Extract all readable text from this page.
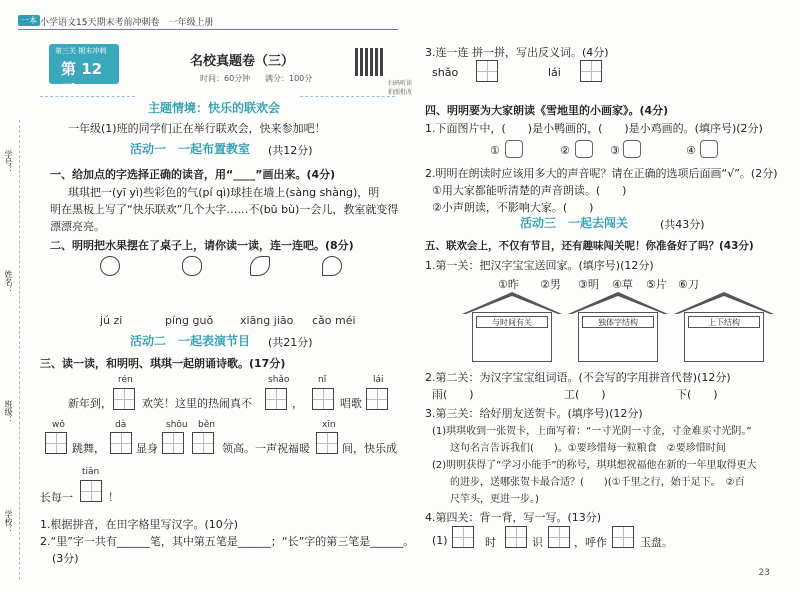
一本 小学语文15天期末考前冲刺卷　一年级上册
学号：
姓名：
班级：
学校：
第三关 期末冲刺
第 12 天
名校真题卷（三）
时间：60分钟 满分：100分
扫码听读
拍照批改
主题情境：快乐的联欢会
一年级(1)班的同学们正在举行联欢会，快来参加吧！
活动一　一起布置教室 (共12分)
一、给加点的字选择正确的读音，用“____”画出来。(4分)
琪琪把一(yī yì)些彩色的气(pí qì)球挂在墙上(sàng shàng)，明
明在黑板上写了“快乐联欢”几个大字……不(bū bù)一会儿，教室就变得
漂漂亮亮。
二、明明把水果摆在了桌子上，请你读一读，连一连吧。(8分)
jú zi	píng guǒ xiāng jiāo cǎo méi
活动二　一起表演节目 (共21分)
三、读一读，和明明、琪琪一起朗诵诗歌。(17分)
rén	shǎo	nǐ	lái
新年到，	欢笑！这里的热闹真不	，	唱歌
wǒ	dà	shǒu běn	xīn
跳舞，	显身	领高。一声祝福暖	间，快乐成
tiān
长每一	！
1.根据拼音，在田字格里写汉字。(10分)
2.“里”字一共有______笔，其中第五笔是______；“长”字的第三笔是______。
(3分)
3.连一连 拼一拼，写出反义词。(4分)
shǎo	lái
四、明明要为大家朗读《雪地里的小画家》。(4分)
1.下面图片中，(　　)是小鸭画的，(　　)是小鸡画的。(填序号)(2分)
①	②	③	④
2.明明在朗读时应该用多大的声音呢？请在正确的选项后面画“√”。(2分)
①用大家都能听清楚的声音朗读。(　　)
②小声朗读，不影响大家。(　　)
活动三　一起去闯关	(共43分)
五、联欢会上，不仅有节目，还有趣味闯关呢！你准备好了吗？(43分)
1.第一关：把汉字宝宝送回家。(填序号)(12分)
①昨 ②男 ③明 ④草 ⑤片 ⑥刀
与时间有关	独体字结构	上下结构
2.第二关：为汉字宝宝组词语。(不会写的字用拼音代替)(12分)
雨(　　)	工(　　)	下(　　)
3.第三关：给好朋友送贺卡。(填序号)(12分)
(1)琪琪收到一张贺卡，上面写着：“一寸光阴一寸金，寸金难买寸光阴。”
这句名言告诉我们(　　)。①要珍惜每一粒粮食　②要珍惜时间
(2)明明获得了“学习小能手”的称号，琪琪想祝福他在新的一年里取得更大
的进步，送哪张贺卡最合适？(　　)(①千里之行，始于足下。　②百
尺竿头，更进一步。)
4.第四关：背一背，写一写。(13分)
(1)	时	识	，呼作	玉盘。
23
